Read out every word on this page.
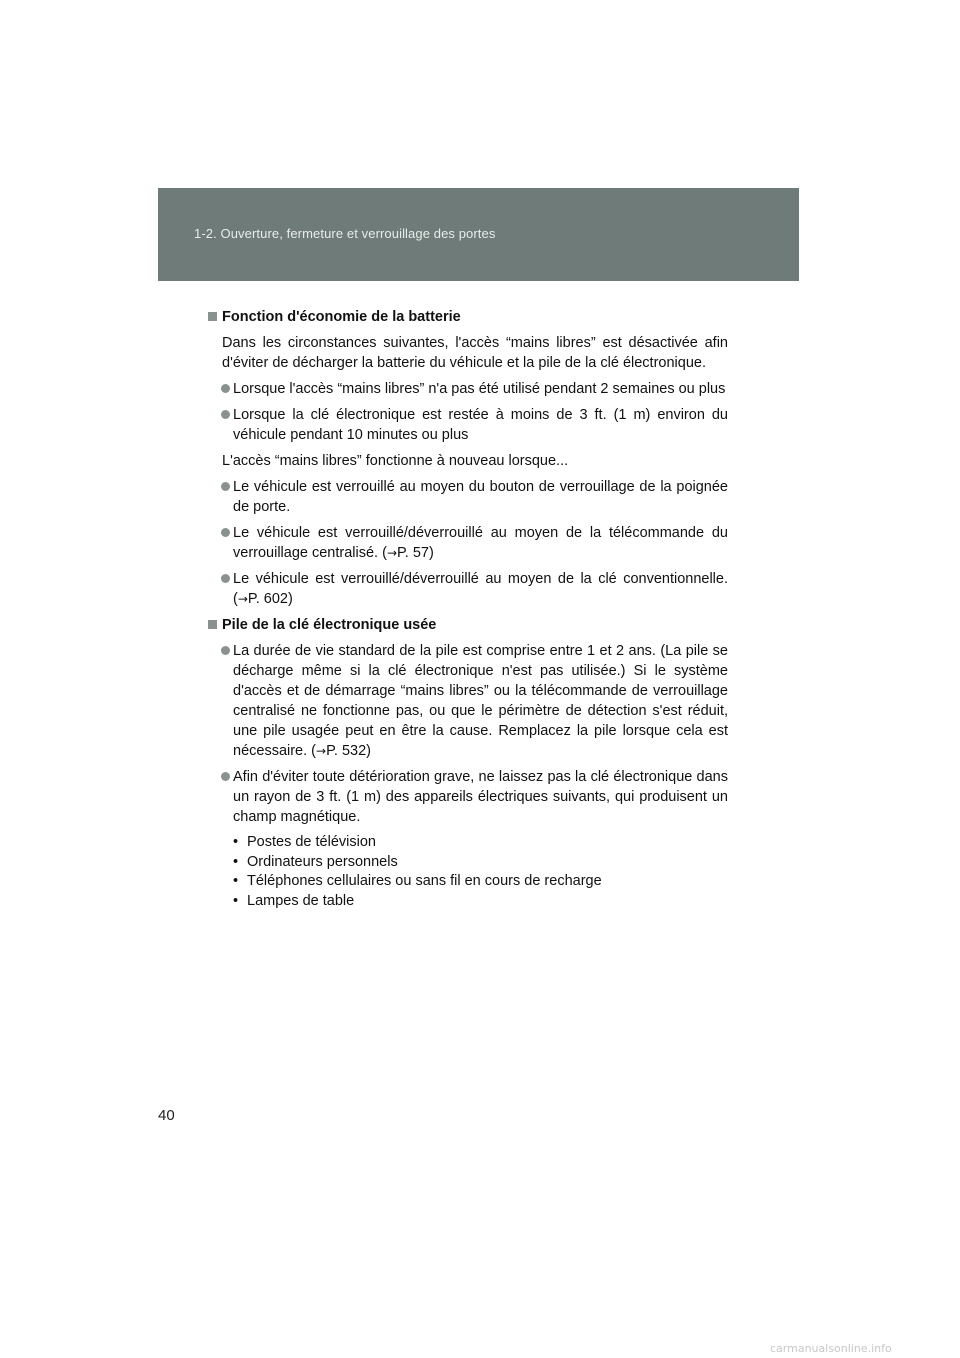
1-2. Ouverture, fermeture et verrouillage des portes
Fonction d'économie de la batterie
Dans les circonstances suivantes, l'accès “mains libres” est désactivée afin d'éviter de décharger la batterie du véhicule et la pile de la clé électronique.
Lorsque l'accès “mains libres” n'a pas été utilisé pendant 2 semaines ou plus
Lorsque la clé électronique est restée à moins de 3 ft. (1 m) environ du véhicule pendant 10 minutes ou plus
L'accès “mains libres” fonctionne à nouveau lorsque...
Le véhicule est verrouillé au moyen du bouton de verrouillage de la poignée de porte.
Le véhicule est verrouillé/déverrouillé au moyen de la télécommande du verrouillage centralisé. (→P. 57)
Le véhicule est verrouillé/déverrouillé au moyen de la clé conventionnelle. (→P. 602)
Pile de la clé électronique usée
La durée de vie standard de la pile est comprise entre 1 et 2 ans. (La pile se décharge même si la clé électronique n'est pas utilisée.) Si le système d'accès et de démarrage “mains libres” ou la télécommande de verrouillage centralisé ne fonctionne pas, ou que le périmètre de détection s'est réduit, une pile usagée peut en être la cause. Remplacez la pile lorsque cela est nécessaire. (→P. 532)
Afin d'éviter toute détérioration grave, ne laissez pas la clé électronique dans un rayon de 3 ft. (1 m) des appareils électriques suivants, qui produisent un champ magnétique.
• Postes de télévision
• Ordinateurs personnels
• Téléphones cellulaires ou sans fil en cours de recharge
• Lampes de table
40
carmanualsonline.info
